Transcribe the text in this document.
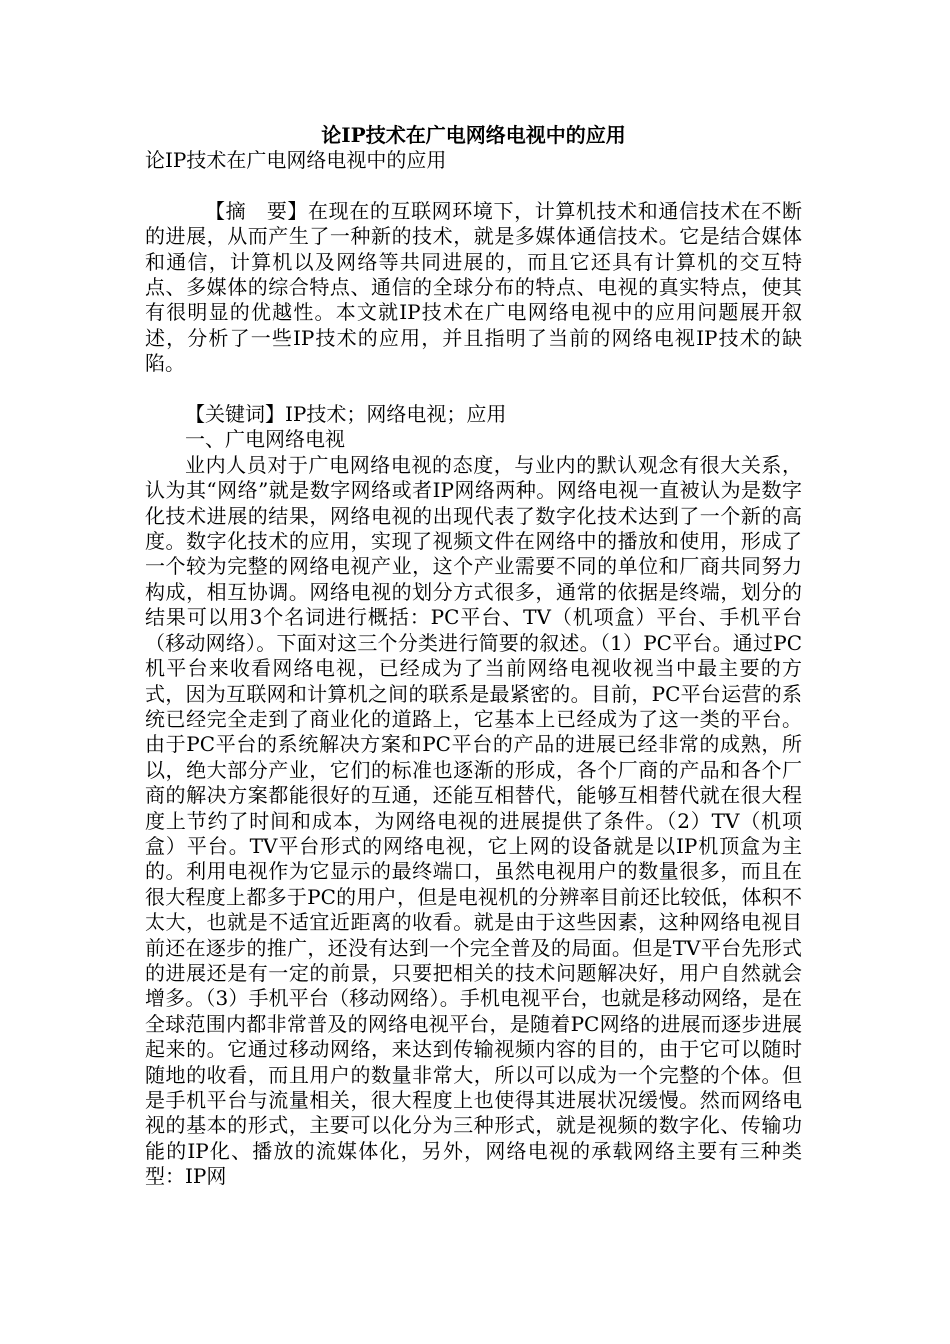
论IP技术在广电网络电视中的应用

论IP技术在广电网络电视中的应用

【摘　要】在现在的互联网环境下，计算机技术和通信技术在不断的进展，从而产生了一种新的技术，就是多媒体通信技术。它是结合媒体和通信，计算机以及网络等共同进展的，而且它还具有计算机的交互特点、多媒体的综合特点、通信的全球分布的特点、电视的真实特点，使其有很明显的优越性。本文就IP技术在广电网络电视中的应用问题展开叙述，分析了一些IP技术的应用，并且指明了当前的网络电视IP技术的缺陷。

【关键词】IP技术；网络电视；应用

一、广电网络电视

业内人员对于广电网络电视的态度，与业内的默认观念有很大关系，认为其“网络”就是数字网络或者IP网络两种。网络电视一直被认为是数字化技术进展的结果，网络电视的出现代表了数字化技术达到了一个新的高度。数字化技术的应用，实现了视频文件在网络中的播放和使用，形成了一个较为完整的网络电视产业，这个产业需要不同的单位和厂商共同努力构成，相互协调。网络电视的划分方式很多，通常的依据是终端，划分的结果可以用3个名词进行概括：PC平台、TV（机项盒）平台、手机平台（移动网络）。下面对这三个分类进行简要的叙述。（1）PC平台。通过PC机平台来收看网络电视，已经成为了当前网络电视收视当中最主要的方式，因为互联网和计算机之间的联系是最紧密的。目前，PC平台运营的系统已经完全走到了商业化的道路上，它基本上已经成为了这一类的平台。由于PC平台的系统解决方案和PC平台的产品的进展已经非常的成熟，所以，绝大部分产业，它们的标准也逐渐的形成，各个厂商的产品和各个厂商的解决方案都能很好的互通，还能互相替代，能够互相替代就在很大程度上节约了时间和成本，为网络电视的进展提供了条件。（2）TV（机项盒）平台。TV平台形式的网络电视，它上网的设备就是以IP机顶盒为主的。利用电视作为它显示的最终端口，虽然电视用户的数量很多，而且在很大程度上都多于PC的用户，但是电视机的分辨率目前还比较低，体积不太大，也就是不适宜近距离的收看。就是由于这些因素，这种网络电视目前还在逐步的推广，还没有达到一个完全普及的局面。但是TV平台先形式的进展还是有一定的前景，只要把相关的技术问题解决好，用户自然就会增多。（3）手机平台（移动网络）。手机电视平台，也就是移动网络，是在全球范围内都非常普及的网络电视平台，是随着PC网络的进展而逐步进展起来的。它通过移动网络，来达到传输视频内容的目的，由于它可以随时随地的收看，而且用户的数量非常大，所以可以成为一个完整的个体。但是手机平台与流量相关，很大程度上也使得其进展状况缓慢。然而网络电视的基本的形式，主要可以化分为三种形式，就是视频的数字化、传输功能的IP化、播放的流媒体化，另外，网络电视的承载网络主要有三种类型：IP网
